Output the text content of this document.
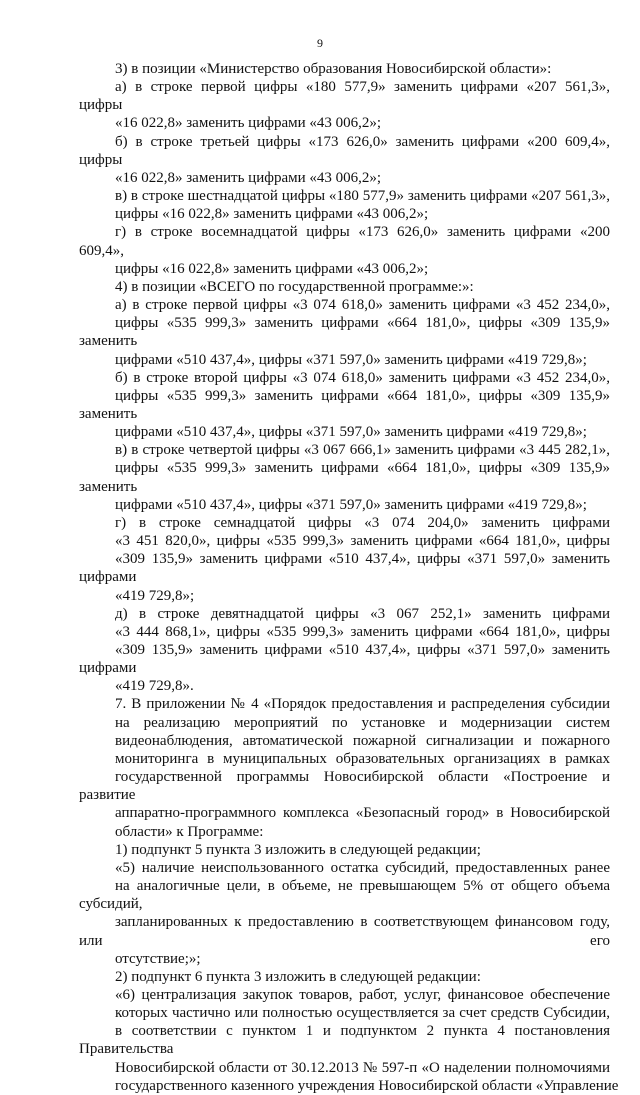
9
3) в позиции «Министерство образования Новосибирской области»:
а) в строке первой цифры «180 577,9» заменить цифрами «207 561,3», цифры
«16 022,8» заменить цифрами «43 006,2»;
б) в строке третьей цифры «173 626,0» заменить цифрами «200 609,4», цифры
«16 022,8» заменить цифрами «43 006,2»;
в) в строке шестнадцатой цифры «180 577,9» заменить цифрами «207 561,3»,
цифры «16 022,8» заменить цифрами «43 006,2»;
г) в строке восемнадцатой цифры «173 626,0» заменить цифрами «200 609,4»,
цифры «16 022,8» заменить цифрами «43 006,2»;
4) в позиции «ВСЕГО по государственной программе:»:
а) в строке первой цифры «3 074 618,0» заменить цифрами «3 452 234,0»,
цифры «535 999,3» заменить цифрами «664 181,0», цифры «309 135,9» заменить
цифрами «510 437,4», цифры «371 597,0» заменить цифрами «419 729,8»;
б) в строке второй цифры «3 074 618,0» заменить цифрами «3 452 234,0»,
цифры «535 999,3» заменить цифрами «664 181,0», цифры «309 135,9» заменить
цифрами «510 437,4», цифры «371 597,0» заменить цифрами «419 729,8»;
в) в строке четвертой цифры «3 067 666,1» заменить цифрами «3 445 282,1»,
цифры «535 999,3» заменить цифрами «664 181,0», цифры «309 135,9» заменить
цифрами «510 437,4», цифры «371 597,0» заменить цифрами «419 729,8»;
г) в строке семнадцатой цифры «3 074 204,0» заменить цифрами
«3 451 820,0», цифры «535 999,3» заменить цифрами «664 181,0», цифры
«309 135,9» заменить цифрами «510 437,4», цифры «371 597,0» заменить цифрами
«419 729,8»;
д) в строке девятнадцатой цифры «3 067 252,1» заменить цифрами
«3 444 868,1», цифры «535 999,3» заменить цифрами «664 181,0», цифры
«309 135,9» заменить цифрами «510 437,4», цифры «371 597,0» заменить цифрами
«419 729,8».
7. В приложении № 4 «Порядок предоставления и распределения субсидии
на реализацию мероприятий по установке и модернизации систем
видеонаблюдения, автоматической пожарной сигнализации и пожарного
мониторинга в муниципальных образовательных организациях в рамках
государственной программы Новосибирской области «Построение и развитие
аппаратно-программного комплекса «Безопасный город» в Новосибирской
области» к Программе:
1) подпункт 5 пункта 3 изложить в следующей редакции;
«5) наличие неиспользованного остатка субсидий, предоставленных ранее
на аналогичные цели, в объеме, не превышающем 5% от общего объема субсидий,
запланированных к предоставлению в соответствующем финансовом году, или его
отсутствие;»;
2) подпункт 6 пункта 3 изложить в следующей редакции:
«6) централизация закупок товаров, работ, услуг, финансовое обеспечение
которых частично или полностью осуществляется за счет средств Субсидии,
в соответствии с пунктом 1 и подпунктом 2 пункта 4 постановления Правительства
Новосибирской области от 30.12.2013 № 597-п «О наделении полномочиями
государственного казенного учреждения Новосибирской области «Управление
